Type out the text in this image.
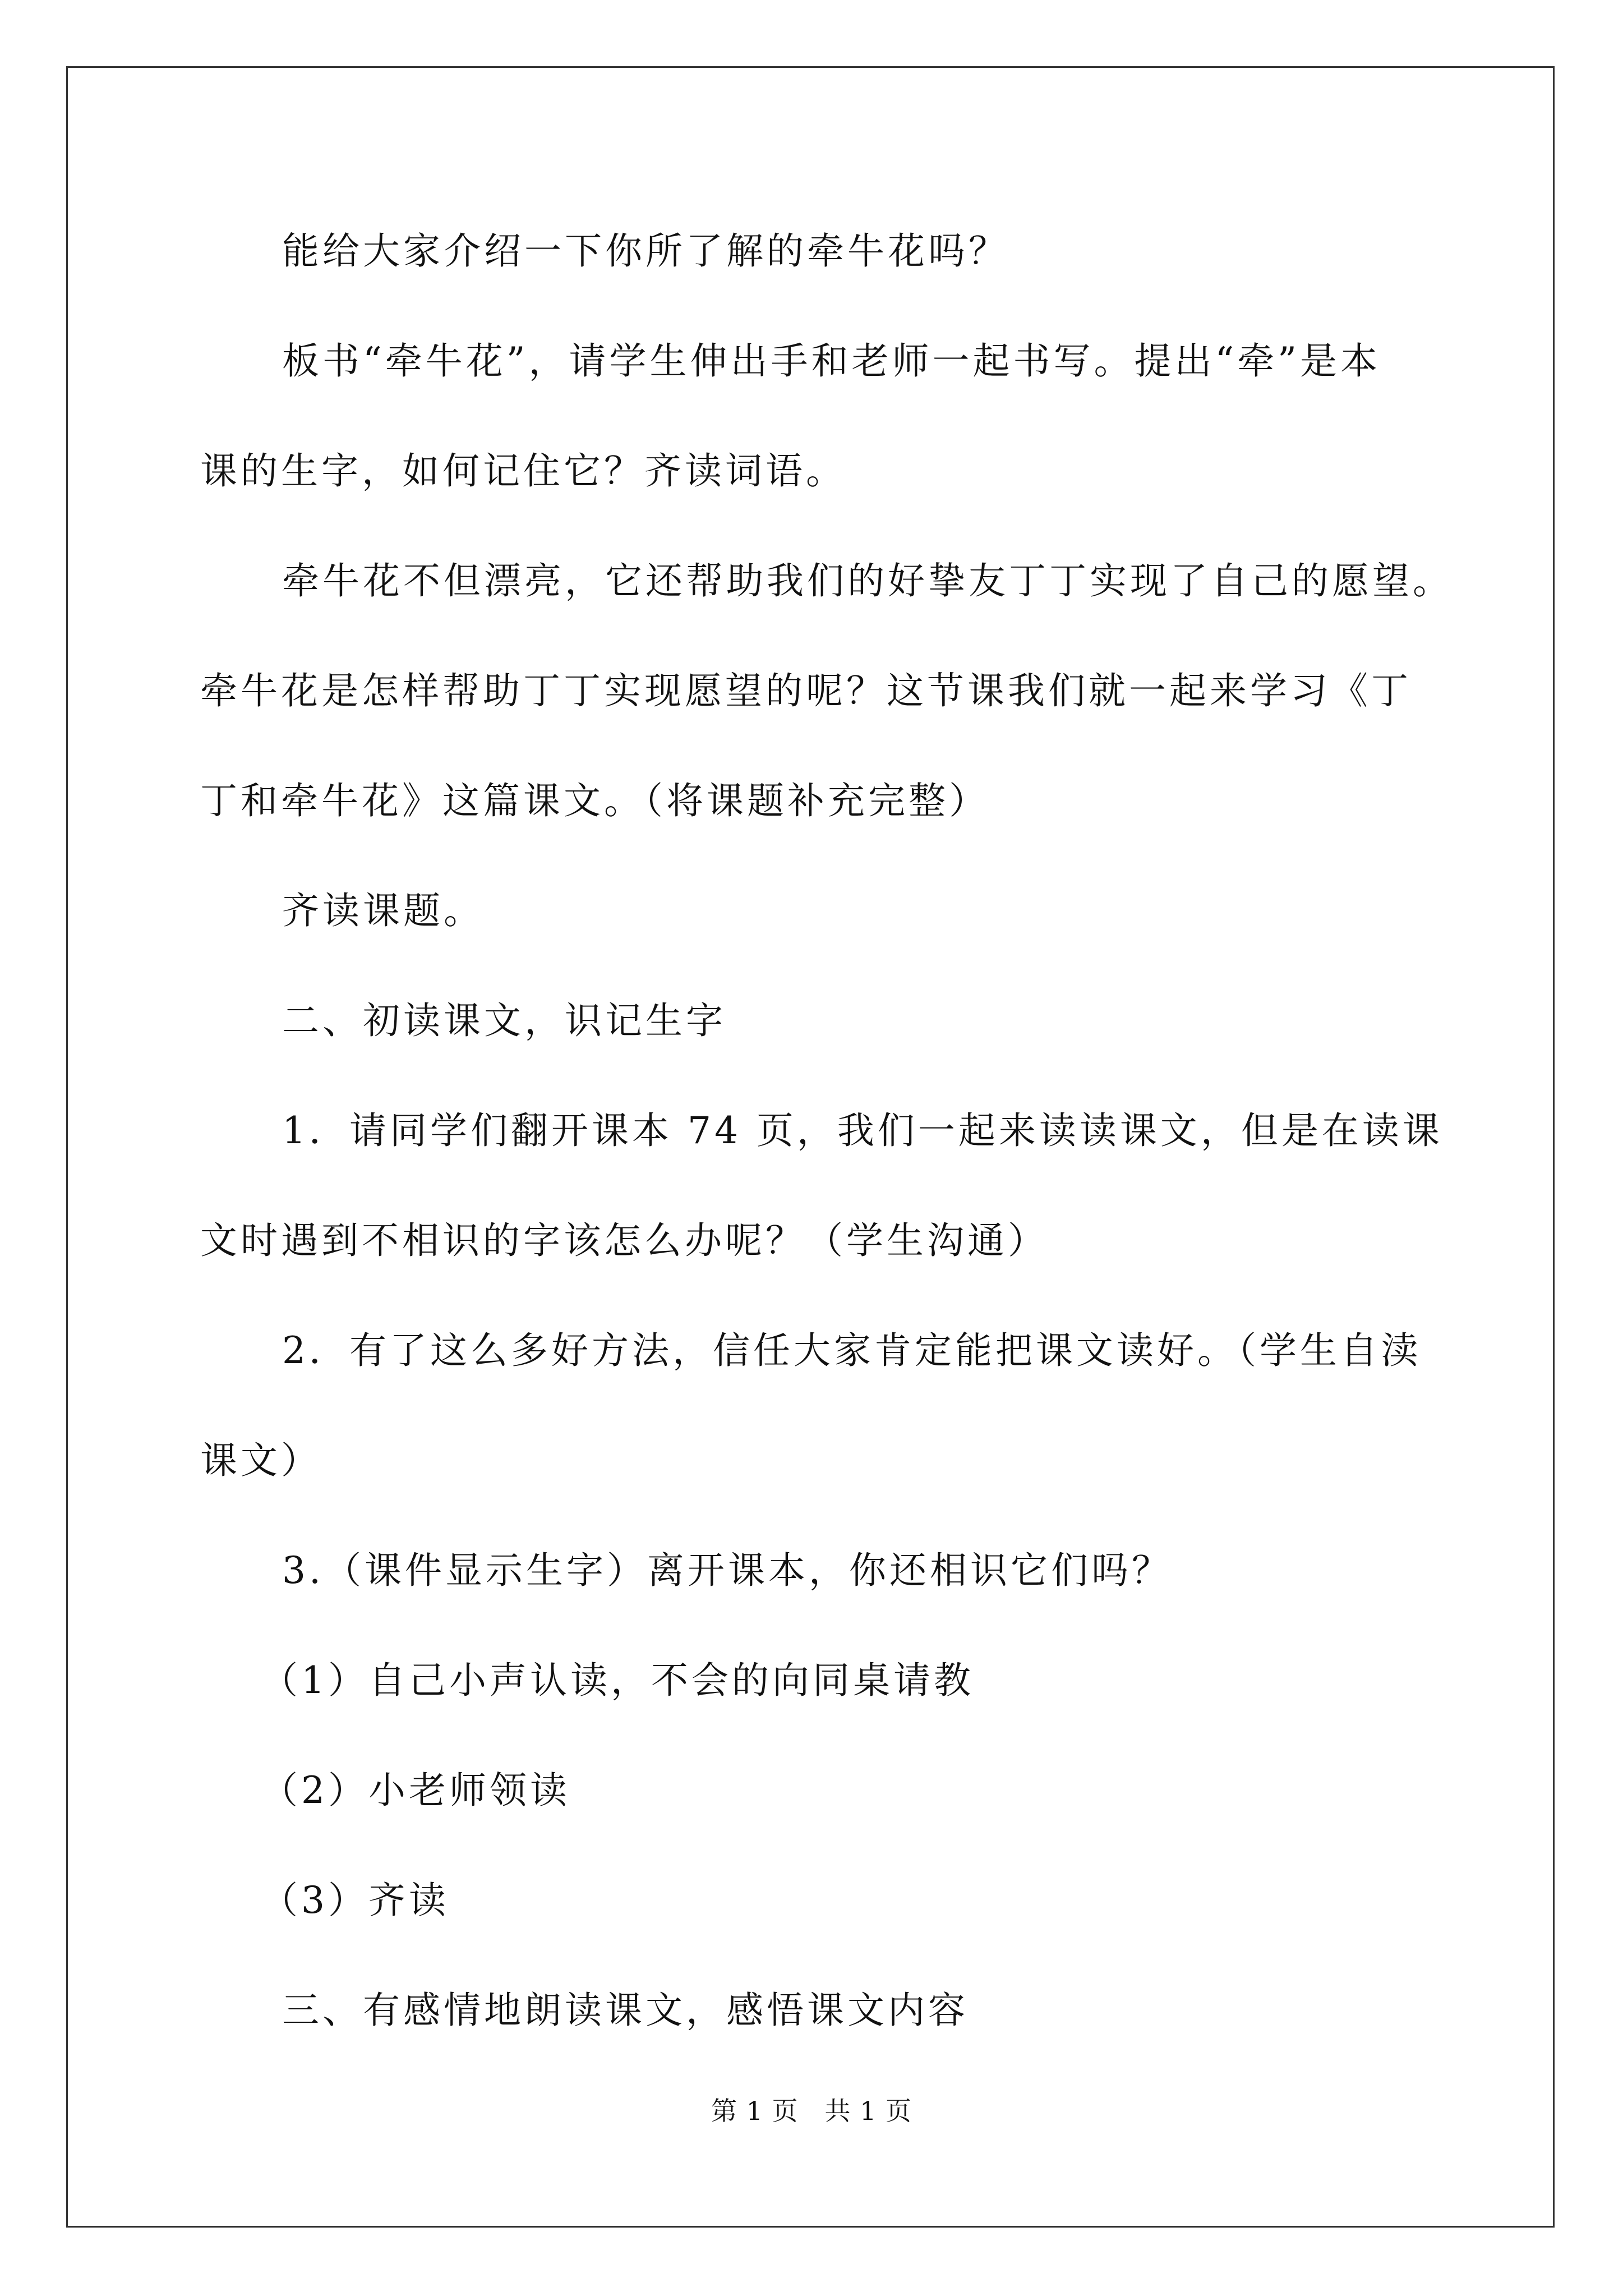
能给大家介绍一下你所了解的牵牛花吗？

板书“牵牛花”，请学生伸出手和老师一起书写。提出“牵”是本

课的生字，如何记住它？齐读词语。

牵牛花不但漂亮，它还帮助我们的好挚友丁丁实现了自己的愿望。

牵牛花是怎样帮助丁丁实现愿望的呢？这节课我们就一起来学习《丁

丁和牵牛花》这篇课文。（将课题补充完整）

齐读课题。

二、初读课文，识记生字

1．请同学们翻开课本 74 页，我们一起来读读课文，但是在读课

文时遇到不相识的字该怎么办呢？（学生沟通）

2．有了这么多好方法，信任大家肯定能把课文读好。（学生自渎

课文）

3.（课件显示生字）离开课本，你还相识它们吗？

（1）自己小声认读，不会的向同桌请教

（2）小老师领读

（3）齐读

三、有感情地朗读课文，感悟课文内容

第 1 页　共 1 页
